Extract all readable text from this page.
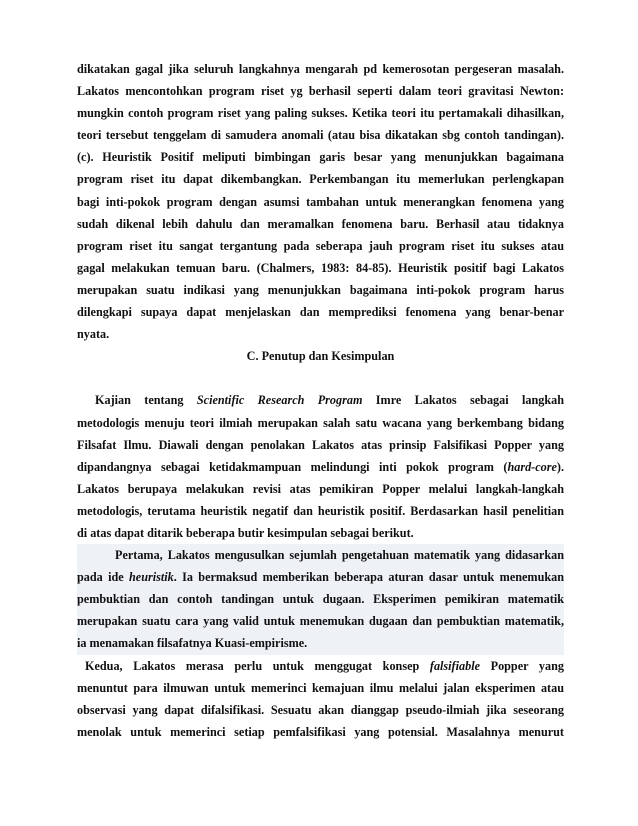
dikatakan gagal jika seluruh langkahnya mengarah pd kemerosotan pergeseran masalah.
Lakatos mencontohkan program riset yg berhasil seperti dalam teori gravitasi Newton:
mungkin contoh program riset yang paling sukses. Ketika teori itu pertamakali dihasilkan,
teori tersebut tenggelam di samudera anomali (atau bisa dikatakan sbg contoh tandingan).
(c). Heuristik Positif meliputi bimbingan garis besar yang menunjukkan bagaimana
program riset itu dapat dikembangkan. Perkembangan itu memerlukan perlengkapan
bagi inti-pokok program dengan asumsi tambahan untuk menerangkan fenomena yang
sudah dikenal lebih dahulu dan meramalkan fenomena baru. Berhasil atau tidaknya
program riset itu sangat tergantung pada seberapa jauh program riset itu sukses atau
gagal melakukan temuan baru. (Chalmers, 1983: 84-85). Heuristik positif bagi Lakatos
merupakan suatu indikasi yang menunjukkan bagaimana inti-pokok program harus
dilengkapi supaya dapat menjelaskan dan memprediksi fenomena yang benar-benar
nyata.
C. Penutup dan Kesimpulan
Kajian tentang Scientific Research Program Imre Lakatos sebagai langkah
metodologis menuju teori ilmiah merupakan salah satu wacana yang berkembang bidang
Filsafat Ilmu. Diawali dengan penolakan Lakatos atas prinsip Falsifikasi Popper yang
dipandangnya sebagai ketidakmampuan melindungi inti pokok program (hard-core).
Lakatos berupaya melakukan revisi atas pemikiran Popper melalui langkah-langkah
metodologis, terutama heuristik negatif dan heuristik positif. Berdasarkan hasil penelitian
di atas dapat ditarik beberapa butir kesimpulan sebagai berikut.
Pertama, Lakatos mengusulkan sejumlah pengetahuan matematik yang didasarkan
pada ide heuristik. Ia bermaksud memberikan beberapa aturan dasar untuk menemukan
pembuktian dan contoh tandingan untuk dugaan. Eksperimen pemikiran matematik
merupakan suatu cara yang valid untuk menemukan dugaan dan pembuktian matematik,
ia menamakan filsafatnya Kuasi-empirisme.
Kedua, Lakatos merasa perlu untuk menggugat konsep falsifiable Popper yang
menuntut para ilmuwan untuk memerinci kemajuan ilmu melalui jalan eksperimen atau
observasi yang dapat difalsifikasi. Sesuatu akan dianggap pseudo-ilmiah jika seseorang
menolak untuk memerinci setiap pemfalsifikasi yang potensial. Masalahnya menurut
